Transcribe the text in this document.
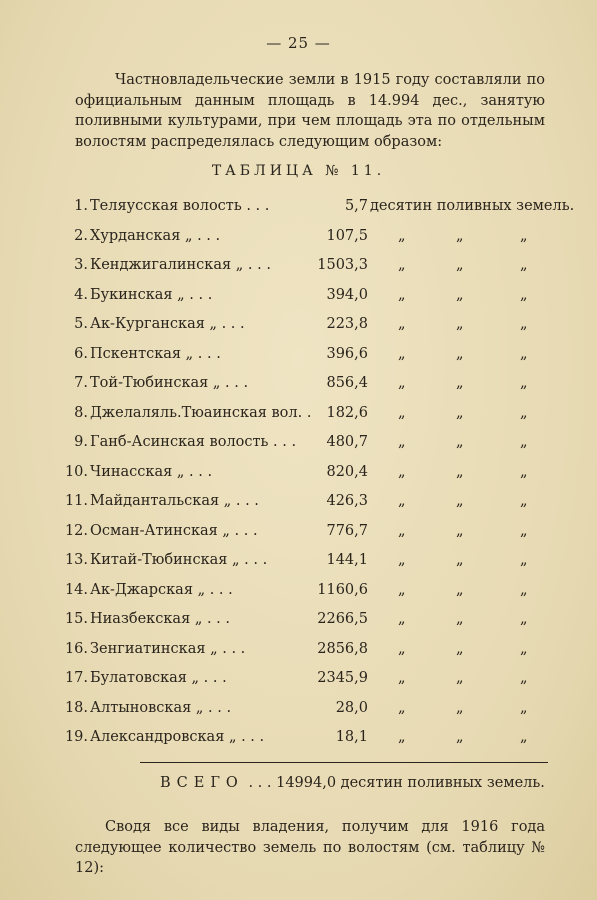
— 25 —

Частновладельческие земли в 1915 году составляли по официальным данным площадь в 14.994 дес., занятую поливными культурами, при чем площадь эта по отдельным волостям распределялась следующим образом:

ТАБЛИЦА № 11.
1. Теляусская волость . . .	5,7 десятин поливных земель.
2. Хурданская „ . . .	107,5 „	„	„
3. Кенджигалинская „ . . .	1503,3 „	„	„
4. Букинская „ . . .	394,0 „	„	„
5. Ак-Курганская „ . . .	223,8 „	„	„
6. Пскентская „ . . .	396,6 „	„	„
7. Той-Тюбинская „ . . .	856,4 „	„	„
8. Джелаляль.Тюаинская вол. .	182,6 „	„	„
9. Ганб-Асинская волость . . .	480,7 „	„	„
10. Чинасская „ . . .	820,4 „	„	„
11. Майдантальская „ . . .	426,3 „	„	„
12. Осман-Атинская „ . . .	776,7 „	„	„
13. Китай-Тюбинская „ . . .	144,1 „	„	„
14. Ак-Джарская „ . . .	1160,6 „	„	„
15. Ниазбекская „ . . .	2266,5 „	„	„
16. Зенгиатинская „ . . .	2856,8 „	„	„
17. Булатовская „ . . .	2345,9 „	„	„
18. Алтыновская „ . . .	28,0 „	„	„
19. Александровская „ . . .	18,1 „	„	„
ВСЕГО . . . 14994,0 десятин поливных земель.

Сводя все виды владения, получим для 1916 года следующее количество земель по волостям (см. таблицу № 12):
